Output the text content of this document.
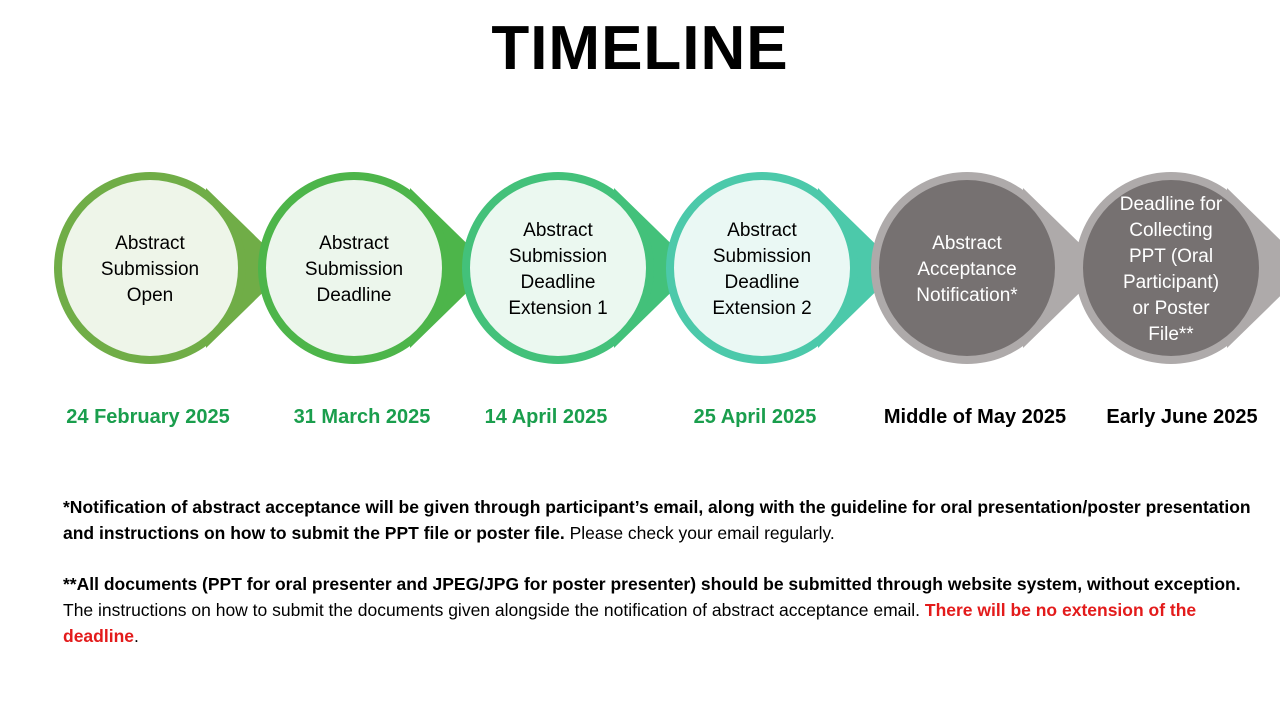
TIMELINE
Abstract
Submission
Open
24 February 2025
Abstract
Submission
Deadline
31 March 2025
Abstract
Submission
Deadline
Extension 1
14 April 2025
Abstract
Submission
Deadline
Extension 2
25 April 2025
Abstract
Acceptance
Notification*
Middle of May 2025
Deadline for
Collecting
PPT (Oral
Participant)
or Poster
File**
Early June 2025

*Notification of abstract acceptance will be given through participant’s email, along with the guideline for oral presentation/poster presentation and instructions on how to submit the PPT file or poster file. Please check your email regularly.

**All documents (PPT for oral presenter and JPEG/JPG for poster presenter) should be submitted through website system, without exception. The instructions on how to submit the documents given alongside the notification of abstract acceptance email. There will be no extension of the deadline.
